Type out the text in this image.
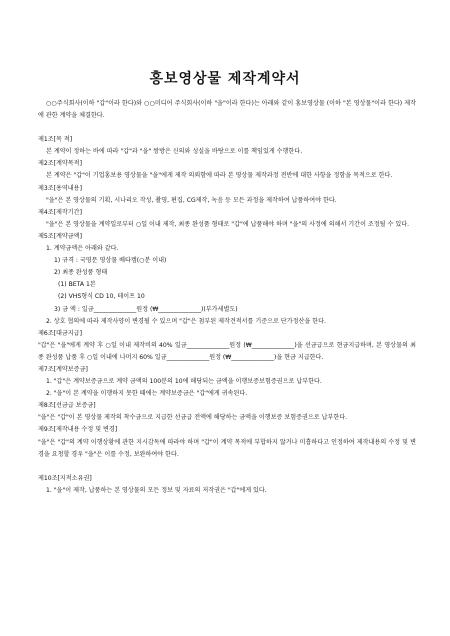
홍보영상물 제작계약서

○○주식회사(이하 "갑"이라 한다)와 ○○미디어 주식회사(이하 "을"이라 한다)는 아래와 같이 홍보영상물 (이하 "본 영상물"이라 한다) 제작에 관한 계약을 체결한다.

제1조[목 적]

본 계약이 정하는 바에 따라 "갑"과 "을" 쌍방은 신의와 성실을 바탕으로 이를 책임있게 수행한다.

제2조[계약목적]

본 계약은 "갑"이 기업홍보용 영상물을 "을"에게 제작 의뢰함에 따라 본 영상물 제작과정 전반에 대한 사항을 정함을 목적으로 한다.

제3조[용역내용]

"을"은 본 영상물의 기획, 시나리오 작성, 촬영, 편집, CG제작, 녹음 등 모든 과정을 제작하여 납품하여야 한다.

제4조[제작기간]

"을"은 본 영상물을 계약일로부터 ○일 이내 제작, 최종 완성품 형태로 "갑"에 납품해야 하며 "을"의 사정에 의해서 기간이 조정될 수 있다.

제5조[계약금액]

1. 계약금액은 아래와 같다.

1) 규격 : 국영문 영상물 베타캠(○분 이내)

2) 최종 완성품 형태

(1) BETA 1본

(2) VHS형식 CD 10, 테이프 10

3) 금 액 : 일금______________원정 (₩______________)(부가세별도)

2. 상호 협의에 따라 제작사양이 변경될 수 있으며 "갑"은 첨부된 제작견적서를 기준으로 단가정산을 한다.

제6조[대금지급]

"갑"은 "을"에게 계약 후 ○일 이내 제작비의 40% 일금______________원정 (₩______________)을 선금급으로 현금지급하며, 본 영상물의 최종 완성품 납품 후 ○일 이내에 나머지 60% 일금______________원정 (₩______________)을 현금 지급한다.

제7조[계약보증금]

1. "갑"은 계약보증금으로 계약 금액의 100분의 10에 해당되는 금액을 이행보증보험증권으로 납부한다.

2. "을"이 본 계약을 이행하지 못한 때에는 계약보증금은 "갑"에게 귀속된다.

제8조[선금급 보증금]

"을"은 "갑"이 본 영상물 제작의 착수금으로 지급한 선금급 전액에 해당하는 금액을 이행보증 보험증권으로 납부한다.

제9조[제작내용 수정 및 변경]

"을"은 "갑"의 계약 이행상황에 관한 지시감독에 따라야 하며 "갑"이 계약 목적에 부합하지 않거나 미흡하다고 인정하여 제작내용의 수정 및 변경을 요청할 경우 "을"은 이를 수정, 보완하여야 한다.

제10조[지적소유권]

1. "을"이 제작, 납품하는 본 영상물의 모든 정보 및 자료의 저작권은 "갑"에게 있다.
